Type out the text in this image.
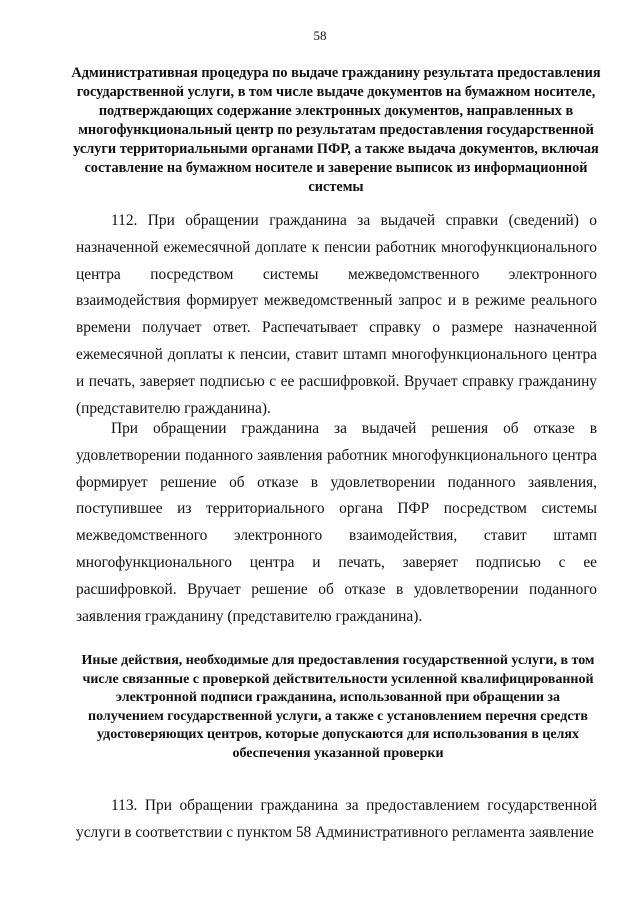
58
Административная процедура по выдаче гражданину результата предоставления государственной услуги, в том числе выдаче документов на бумажном носителе, подтверждающих содержание электронных документов, направленных в многофункциональный центр по результатам предоставления государственной услуги территориальными органами ПФР, а также выдача документов, включая составление на бумажном носителе и заверение выписок из информационной системы

112. При обращении гражданина за выдачей справки (сведений) о назначенной ежемесячной доплате к пенсии работник многофункционального центра посредством системы межведомственного электронного взаимодействия формирует межведомственный запрос и в режиме реального времени получает ответ. Распечатывает справку о размере назначенной ежемесячной доплаты к пенсии, ставит штамп многофункционального центра и печать, заверяет подписью с ее расшифровкой. Вручает справку гражданину (представителю гражданина).

При обращении гражданина за выдачей решения об отказе в удовлетворении поданного заявления работник многофункционального центра формирует решение об отказе в удовлетворении поданного заявления, поступившее из территориального органа ПФР посредством системы межведомственного электронного взаимодействия, ставит штамп многофункционального центра и печать, заверяет подписью с ее расшифровкой. Вручает решение об отказе в удовлетворении поданного заявления гражданину (представителю гражданина).

Иные действия, необходимые для предоставления государственной услуги, в том числе связанные с проверкой действительности усиленной квалифицированной электронной подписи гражданина, использованной при обращении за получением государственной услуги, а также с установлением перечня средств удостоверяющих центров, которые допускаются для использования в целях обеспечения указанной проверки

113. При обращении гражданина за предоставлением государственной услуги в соответствии с пунктом 58 Административного регламента заявление
